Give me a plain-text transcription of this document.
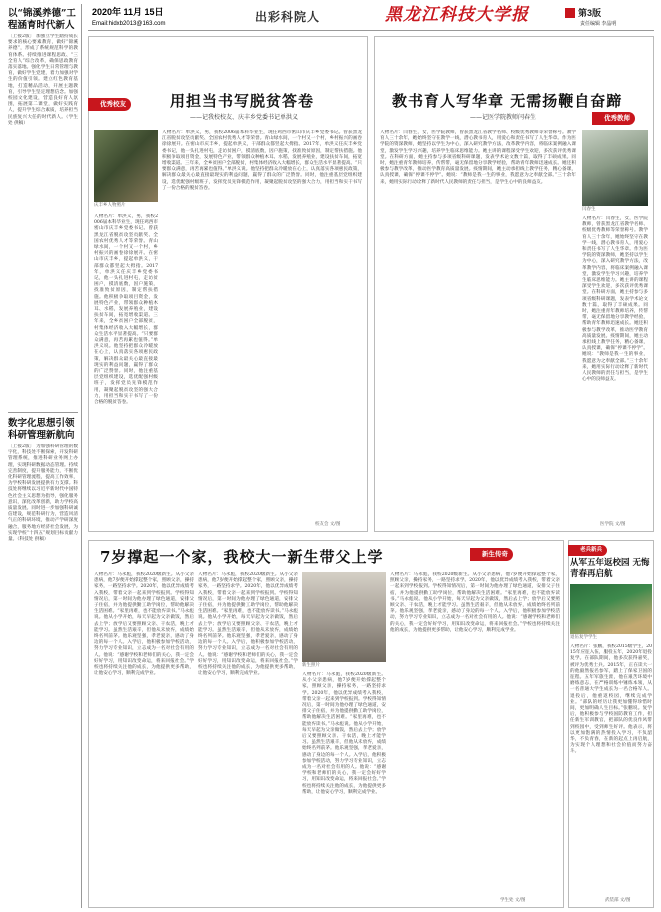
2020年 11月 15日
Email:hidxb2013@163.com	出彩科院人	黑龙江科技大学报	第3版
责任编辑 李晶明
以“锦溪养德”工程涵育时代新人
〔上接2版〕 加强立学生踏持成长要求的核心要素教育，做好“锦溪养德”，形成了系统规范科学的教育体系。持续推进课程思政、“三全育人”综合改革，确保思政教育落实落地。强化学生日常管理与教育，做好学生党建，着力加强对学生的价值引领。建立红色教育基地，打造精品活动，开展主题教育，引导学生坚定理想信念。加强校园文化建设，营造良好育人氛围，拓展第二课堂，做好实践育人，提升学生综合素质，培养担当民族复兴大任的时代新人。（学生处 供稿）
数字化思想引领科研管理新航向
〔上接2版〕 为加强科研管理的数字化，科技处不断探索，开发科研管理系统，推进科研业务网上办理，实现科研数据动态管理。持续完善制度，提升服务能力，不断优化科研管理流程，提高工作效率，为学校科研发展提供有力支撑。科技处将继续以习近平新时代中国特色社会主义思想为指导，强化服务意识，深化改革创新，助力学校高质量发展。同时进一步加强科研诚信建设，规范科研行为，营造风清气正的科研环境，推动产学研深度融合，服务地方经济社会发展，为实现学校“十四五”规划目标贡献力量。（科技处 供稿）
优秀校友	用担当书写脱贫答卷
——记我校校友、庆丰乡党委书记单洪义
庆丰乡人物照片
人物名片：单洪义，男，我校2006届本科毕业生，现任鸡西市密山市庆丰乡党委书记。曾获黑龙江省脱贫攻坚贡献奖、全国农村优秀人才等荣誉。青山绿水间，一个村又一个村，乡村振兴的画卷徐徐展开。在密山市庆丰乡，提起单洪义，干部群众都竖起大拇指。2017年，单洪义任庆丰乡党委书记，他一头扎进村屯，走访贫困户，摸清底数，因户施策，找准致贫原因，制定帮扶措施。他积极争取项目资金，发展特色产业，带领群众种植木耳、水稻，发展养殖业，建设扶贫车间，拓宽增收渠道。三年来，全乡贫困户全部脱贫，村集体经济收入大幅增长，群众生活水平显著提高。“只要群众满意，再苦再累也值得。”单洪义说。他坚持把群众冷暖放在心上，认真落实各项惠民政策，解决群众最关心最直接最现实的利益问题，赢得了群众的广泛赞誉。同时，他注重基层党组织建设，选优配强村级班子，发挥党员先锋模范作用，凝聚起脱贫攻坚的强大合力，用担当和实干书写了一份合格的脱贫答卷。
人物名片：单洪义，男，我校2006届本科毕业生，现任鸡西市密山市庆丰乡党委书记。曾获黑龙江省脱贫攻坚贡献奖、全国农村优秀人才等荣誉。青山绿水间，一个村又一个村，乡村振兴的画卷徐徐展开。在密山市庆丰乡，提起单洪义，干部群众都竖起大拇指。2017年，单洪义任庆丰乡党委书记，他一头扎进村屯，走访贫困户，摸清底数，因户施策，找准致贫原因，制定帮扶措施。他积极争取项目资金，发展特色产业，带领群众种植木耳、水稻，发展养殖业，建设扶贫车间，拓宽增收渠道。三年来，全乡贫困户全部脱贫，村集体经济收入大幅增长，群众生活水平显著提高。“只要群众满意，再苦再累也值得。”单洪义说。他坚持把群众冷暖放在心上，认真落实各项惠民政策，解决群众最关心最直接最现实的利益问题，赢得了群众的广泛赞誉。同时，他注重基层党组织建设，选优配强村级班子，发挥党员先锋模范作用，凝聚起脱贫攻坚的强大合力，用担当和实干书写了一份合格的脱贫答卷。
校友会 文/图
教书育人写华章 无需扬鞭自奋蹄
优秀教师
——记医学院教师闫春生
人物名片：闫春生，女，医学院教师，曾获黑龙江省教学名师、校级优秀教师等荣誉称号。教学育人三十余年，她始终坚守在教学一线，潜心教书育人，用爱心和责任书写了人生华章。作为医学院的资深教师，她坚持以学生为中心，深入研究教学方法，改革教学内容，将临床案例融入课堂，激发学生学习兴趣，培养学生临床思维能力。她主讲的课程深受学生欢迎，多次获评优秀课堂。在科研方面，她主持参与多项省级科研课题，发表学术论文数十篇，取得了丰硕成果。同时，她注重青年教师培养，传帮带，毫无保留地分享教学经验，帮助青年教师迅速成长。她还积极参与教学改革，推动医学教育高质量发展。疫情期间，她主动承担线上教学任务，精心备课，认真授课，确保“停课不停学”。她说：“教师是我一生的事业，我愿意为之奉献全部。”三十余年来，她用实际行动诠释了新时代人民教师的责任与担当，是学生心中的良师益友。
闫春生
人物名片：闫春生，女，医学院教师，曾获黑龙江省教学名师、校级优秀教师等荣誉称号。教学育人三十余年，她始终坚守在教学一线，潜心教书育人，用爱心和责任书写了人生华章。作为医学院的资深教师，她坚持以学生为中心，深入研究教学方法，改革教学内容，将临床案例融入课堂，激发学生学习兴趣，培养学生临床思维能力。她主讲的课程深受学生欢迎，多次获评优秀课堂。在科研方面，她主持参与多项省级科研课题，发表学术论文数十篇，取得了丰硕成果。同时，她注重青年教师培养，传帮带，毫无保留地分享教学经验，帮助青年教师迅速成长。她还积极参与教学改革，推动医学教育高质量发展。疫情期间，她主动承担线上教学任务，精心备课，认真授课，确保“停课不停学”。她说：“教师是我一生的事业，我愿意为之奉献全部。”三十余年来，她用实际行动诠释了新时代人民教师的责任与担当，是学生心中的良师益友。
医学院 文/图
7岁撑起一个家，我校大一新生带父上学	新生传奇
人物名片：马永彪，我校2020级新生。从小父亲患病，他7岁便开始撑起整个家，照顾父亲，操持家务，一路坚持求学。2020年，他以优异成绩考入我校，带着父亲一起来到学校报到。学校得知情况后，第一时间为他办理了绿色通道，安排父子住宿，并为他提供勤工助学岗位，帮助他解决生活困难。“家里再难，也不能放弃读书。”马永彪说。他从小学开始，每天早起为父亲做饭，然后去上学；放学后又要照顾父亲、干农活，晚上才能学习。虽然生活艰辛，但他从未放弃，成绩始终名列前茅。他乐观坚强，孝老爱亲，感动了身边的每一个人。入学后，他积极参加学校活动，努力学习专业知识，立志成为一名对社会有用的人。他说：“感谢学校和老师们的关心，我一定会好好学习，用知识改变命运，将来回报社会。”学校也将持续关注他的成长，为他提供更多帮助，让他安心学习，顺利完成学业。
人物名片：马永彪，我校2020级新生。从小父亲患病，他7岁便开始撑起整个家，照顾父亲，操持家务，一路坚持求学。2020年，他以优异成绩考入我校，带着父亲一起来到学校报到。学校得知情况后，第一时间为他办理了绿色通道，安排父子住宿，并为他提供勤工助学岗位，帮助他解决生活困难。“家里再难，也不能放弃读书。”马永彪说。他从小学开始，每天早起为父亲做饭，然后去上学；放学后又要照顾父亲、干农活，晚上才能学习。虽然生活艰辛，但他从未放弃，成绩始终名列前茅。他乐观坚强，孝老爱亲，感动了身边的每一个人。入学后，他积极参加学校活动，努力学习专业知识，立志成为一名对社会有用的人。他说：“感谢学校和老师们的关心，我一定会好好学习，用知识改变命运，将来回报社会。”学校也将持续关注他的成长，为他提供更多帮助，让他安心学习，顺利完成学业。
新生照片
人物名片：马永彪，我校2020级新生。从小父亲患病，他7岁便开始撑起整个家，照顾父亲，操持家务，一路坚持求学。2020年，他以优异成绩考入我校，带着父亲一起来到学校报到。学校得知情况后，第一时间为他办理了绿色通道，安排父子住宿，并为他提供勤工助学岗位，帮助他解决生活困难。“家里再难，也不能放弃读书。”马永彪说。他从小学开始，每天早起为父亲做饭，然后去上学；放学后又要照顾父亲、干农活，晚上才能学习。虽然生活艰辛，但他从未放弃，成绩始终名列前茅。他乐观坚强，孝老爱亲，感动了身边的每一个人。入学后，他积极参加学校活动，努力学习专业知识，立志成为一名对社会有用的人。他说：“感谢学校和老师们的关心，我一定会好好学习，用知识改变命运，将来回报社会。”学校也将持续关注他的成长，为他提供更多帮助，让他安心学习，顺利完成学业。
人物名片：马永彪，我校2020级新生。从小父亲患病，他7岁便开始撑起整个家，照顾父亲，操持家务，一路坚持求学。2020年，他以优异成绩考入我校，带着父亲一起来到学校报到。学校得知情况后，第一时间为他办理了绿色通道，安排父子住宿，并为他提供勤工助学岗位，帮助他解决生活困难。“家里再难，也不能放弃读书。”马永彪说。他从小学开始，每天早起为父亲做饭，然后去上学；放学后又要照顾父亲、干农活，晚上才能学习。虽然生活艰辛，但他从未放弃，成绩始终名列前茅。他乐观坚强，孝老爱亲，感动了身边的每一个人。入学后，他积极参加学校活动，努力学习专业知识，立志成为一名对社会有用的人。他说：“感谢学校和老师们的关心，我一定会好好学习，用知识改变命运，将来回报社会。”学校也将持续关注他的成长，为他提供更多帮助，让他安心学习，顺利完成学业。
学生处 文/图
老兵新兵
从军五年返校园 无悔青春再启航
退伍复学学生
人物名片：张鹏，我校2015级学生，2015年应征入伍，服役五年，2020年退役复学。在部队期间，他多次获得嘉奖，被评为优秀士兵。2015年，正在读大一的他毅然报名参军，踏上了保家卫国的征程。五年军旅生涯，他在艰苦环境中磨练意志，在严格训练中锤炼本领，从一名普通大学生成长为一名合格军人。退役后，他重返校园，继续完成学业。“部队的经历让我更加懂得珍惜时间，更加明确人生目标。”张鹏说。复学后，他积极参与学校国防教育工作，担任新生军训教官，把部队的优良作风带到校园中，受到师生好评。他表示，将以更加饱满的热情投入学习，不负韶华，不负青春，在新的起点上再启航，为实现个人理想和社会价值而努力奋斗。
武装部 文/图
